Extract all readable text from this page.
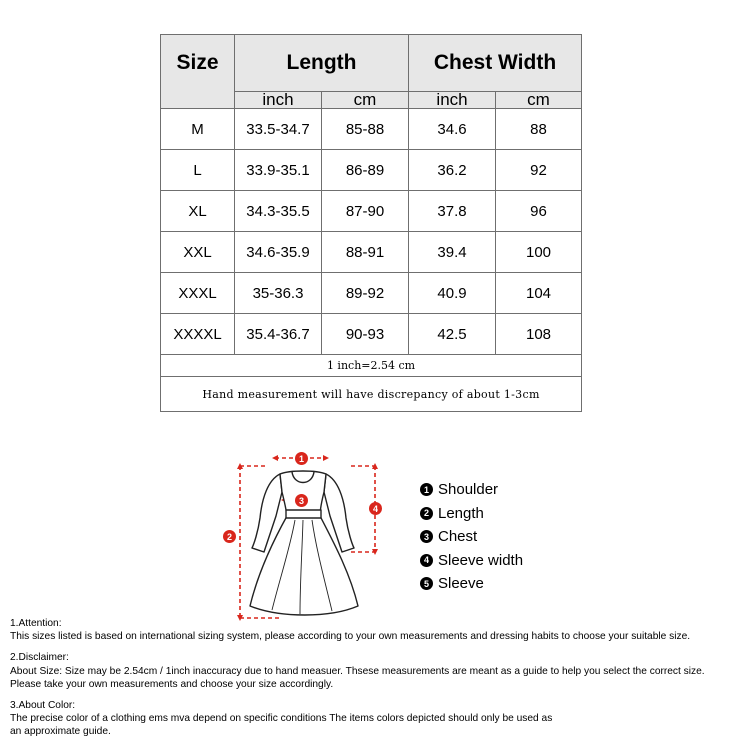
Size	Length		Chest Width	
	inch	cm	inch	cm
M	33.5-34.7	85-88	34.6	88
L	33.9-35.1	86-89	36.2	92
XL	34.3-35.5	87-90	37.8	96
XXL	34.6-35.9	88-91	39.4	100
XXXL	35-36.3	89-92	40.9	104
XXXXL	35.4-36.7	90-93	42.5	108
1 inch=2.54 cm				
Hand measurement will have discrepancy of about 1-3cm				
1
3
2
4
1 Shoulder
2 Length
3 Chest
4 Sleeve width
5 Sleeve
1.Attention:
This sizes listed is based on international sizing system, please according to your own measurements and dressing habits to choose your suitable size.
2.Disclaimer:
About Size: Size may be 2.54cm / 1inch inaccuracy due to hand measuer. Thsese measurements are meant as a guide to help you select the correct size.
Please take your own measurements and choose your size accordingly.
3.About Color:
The precise color of a clothing ems mva depend on specific conditions The items colors depicted should only be used as
an approximate guide.
